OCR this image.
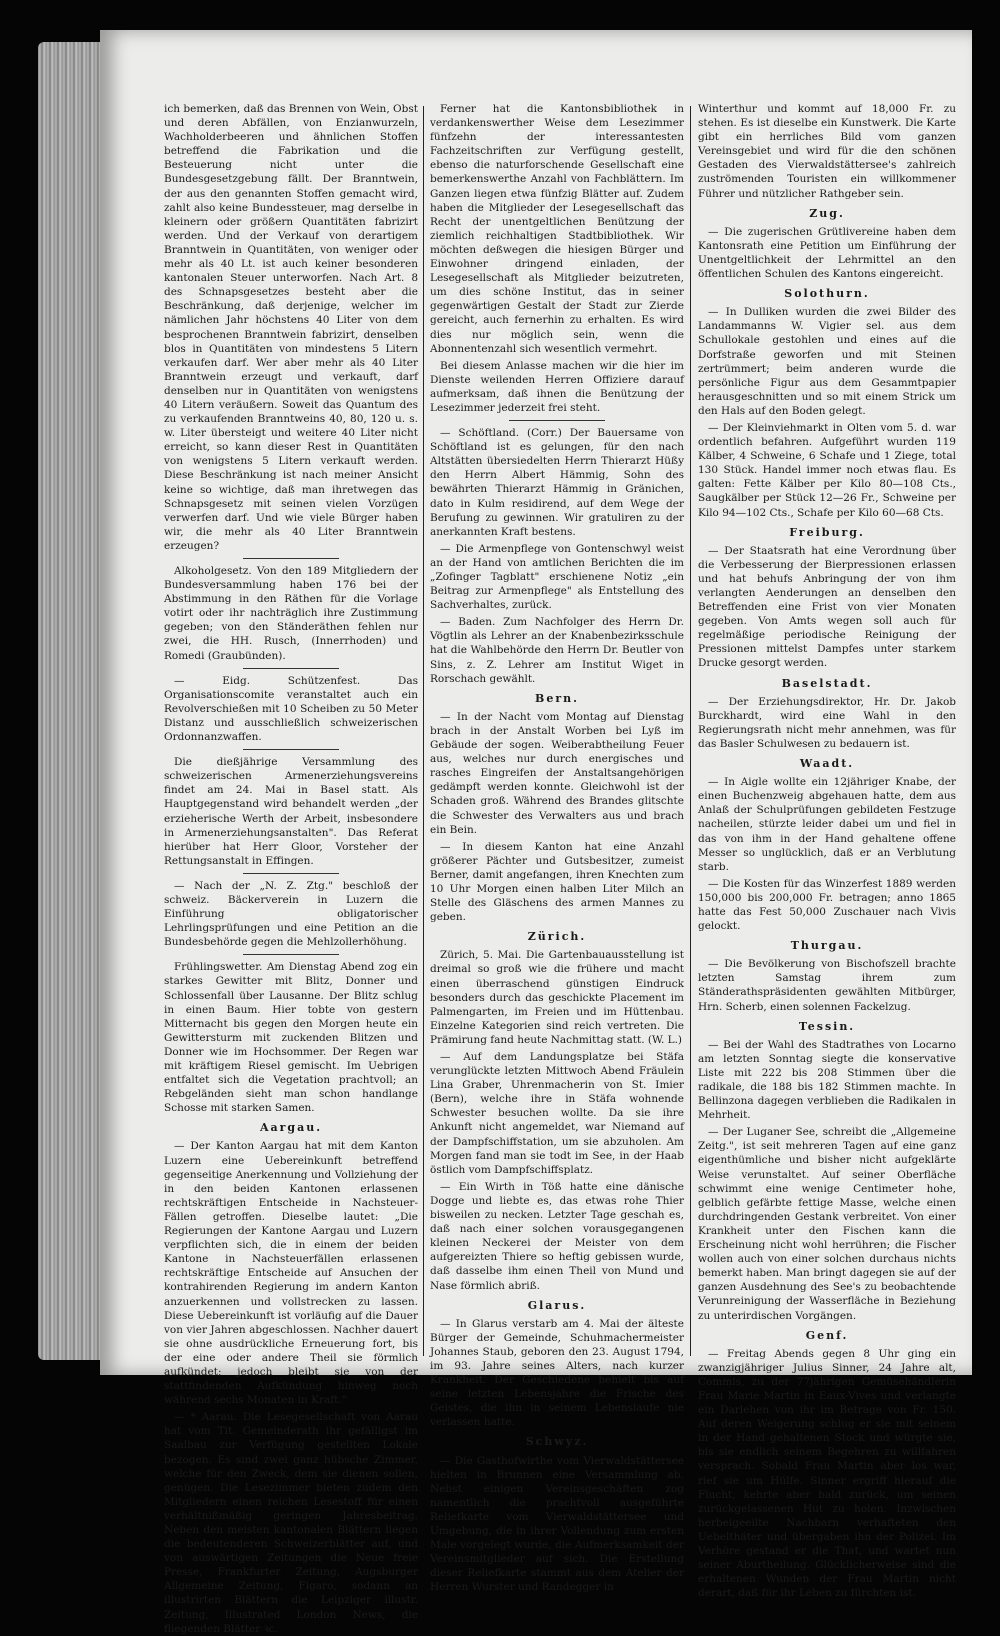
ich bemerken, daß das Brennen von Wein, Obst und deren Abfällen, von Enzianwurzeln, Wachholderbeeren und ähnlichen Stoffen betreffend die Fabrikation und die Besteuerung nicht unter die Bundesgesetzgebung fällt. Der Branntwein, der aus den genannten Stoffen gemacht wird, zahlt also keine Bundessteuer, mag derselbe in kleinern oder größern Quantitäten fabrizirt werden. Und der Verkauf von derartigem Branntwein in Quantitäten, von weniger oder mehr als 40 Lt. ist auch keiner besonderen kantonalen Steuer unterworfen. Nach Art. 8 des Schnapsgesetzes besteht aber die Beschränkung, daß derjenige, welcher im nämlichen Jahr höchstens 40 Liter von dem besprochenen Branntwein fabrizirt, denselben blos in Quantitäten von mindestens 5 Litern verkaufen darf. Wer aber mehr als 40 Liter Branntwein erzeugt und verkauft, darf denselben nur in Quantitäten von wenigstens 40 Litern veräußern. Soweit das Quantum des zu verkaufenden Branntweins 40, 80, 120 u. s. w. Liter übersteigt und weitere 40 Liter nicht erreicht, so kann dieser Rest in Quantitäten von wenigstens 5 Litern verkauft werden. Diese Beschränkung ist nach meiner Ansicht keine so wichtige, daß man ihretwegen das Schnapsgesetz mit seinen vielen Vorzügen verwerfen darf. Und wie viele Bürger haben wir, die mehr als 40 Liter Branntwein erzeugen?

Alkoholgesetz. Von den 189 Mitgliedern der Bundesversammlung haben 176 bei der Abstimmung in den Räthen für die Vorlage votirt oder ihr nachträglich ihre Zustimmung gegeben; von den Ständeräthen fehlen nur zwei, die HH. Rusch, (Innerrhoden) und Romedi (Graubünden).

— Eidg. Schützenfest. Das Organisationscomite veranstaltet auch ein Revolverschießen mit 10 Scheiben zu 50 Meter Distanz und ausschließlich schweizerischen Ordonnanzwaffen.

Die dießjährige Versammlung des schweizerischen Armenerziehungsvereins findet am 24. Mai in Basel statt. Als Hauptgegenstand wird behandelt werden „der erzieherische Werth der Arbeit, insbesondere in Armenerziehungsanstalten". Das Referat hierüber hat Herr Gloor, Vorsteher der Rettungsanstalt in Effingen.

— Nach der „N. Z. Ztg." beschloß der schweiz. Bäckerverein in Luzern die Einführung obligatorischer Lehrlingsprüfungen und eine Petition an die Bundesbehörde gegen die Mehlzollerhöhung.

Frühlingswetter. Am Dienstag Abend zog ein starkes Gewitter mit Blitz, Donner und Schlossenfall über Lausanne. Der Blitz schlug in einen Baum. Hier tobte von gestern Mitternacht bis gegen den Morgen heute ein Gewittersturm mit zuckenden Blitzen und Donner wie im Hochsommer. Der Regen war mit kräftigem Riesel gemischt. Im Uebrigen entfaltet sich die Vegetation prachtvoll; an Rebgeländen sieht man schon handlange Schosse mit starken Samen.

Aargau.

— Der Kanton Aargau hat mit dem Kanton Luzern eine Uebereinkunft betreffend gegenseitige Anerkennung und Vollziehung der in den beiden Kantonen erlassenen rechtskräftigen Entscheide in Nachsteuer-Fällen getroffen. Dieselbe lautet: „Die Regierungen der Kantone Aargau und Luzern verpflichten sich, die in einem der beiden Kantone in Nachsteuerfällen erlassenen rechtskräftige Entscheide auf Ansuchen der kontrahirenden Regierung im andern Kanton anzuerkennen und vollstrecken zu lassen. Diese Uebereinkunft ist vorläufig auf die Dauer von vier Jahren abgeschlossen. Nachher dauert sie ohne ausdrückliche Erneuerung fort, bis der eine oder andere Theil sie förmlich aufkündet; jedoch bleibt sie von der stattfindenden Aufkündung hinweg noch während sechs Monaten in Kraft."

— * Aarau. Die Lesegesellschaft von Aarau hat vom Tit. Gemeinderath ihr gefälligst im Saalbau zur Verfügung gestellten Lokale bezogen. Es sind zwei ganz hübsche Zimmer, welche für den Zweck, dem sie dienen sollen, genügen. Die Lesezimmer bieten zudem den Mitgliedern einen reichen Lesestoff für einen verhältnißmäßig geringen Jahresbeitrag. Neben den meisten kantonalen Blättern liegen die bedeutenderen Schweizerblätter auf, und von auswärtigen Zeitungen die Neue freie Presse, Frankfurter Zeitung, Augsburger Allgemeine Zeitung, Figaro, sodann an illustrirten Blättern die Leipziger illustr. Zeitung, Illustrated London News, die fliegenden Blätter ꝛc.

Ferner hat die Kantonsbibliothek in verdankenswerther Weise dem Lesezimmer fünfzehn der interessantesten Fachzeitschriften zur Verfügung gestellt, ebenso die naturforschende Gesellschaft eine bemerkenswerthe Anzahl von Fachblättern. Im Ganzen liegen etwa fünfzig Blätter auf. Zudem haben die Mitglieder der Lesegesellschaft das Recht der unentgeltlichen Benützung der ziemlich reichhaltigen Stadtbibliothek. Wir möchten deßwegen die hiesigen Bürger und Einwohner dringend einladen, der Lesegesellschaft als Mitglieder beizutreten, um dies schöne Institut, das in seiner gegenwärtigen Gestalt der Stadt zur Zierde gereicht, auch fernerhin zu erhalten. Es wird dies nur möglich sein, wenn die Abonnentenzahl sich wesentlich vermehrt.

Bei diesem Anlasse machen wir die hier im Dienste weilenden Herren Offiziere darauf aufmerksam, daß ihnen die Benützung der Lesezimmer jederzeit frei steht.

— Schöftland. (Corr.) Der Bauersame von Schöftland ist es gelungen, für den nach Altstätten übersiedelten Herrn Thierarzt Hüßy den Herrn Albert Hämmig, Sohn des bewährten Thierarzt Hämmig in Gränichen, dato in Kulm residirend, auf dem Wege der Berufung zu gewinnen. Wir gratuliren zu der anerkannten Kraft bestens.

— Die Armenpflege von Gontenschwyl weist an der Hand von amtlichen Berichten die im „Zofinger Tagblatt" erschienene Notiz „ein Beitrag zur Armenpflege" als Entstellung des Sachverhaltes, zurück.

— Baden. Zum Nachfolger des Herrn Dr. Vögtlin als Lehrer an der Knabenbezirksschule hat die Wahlbehörde den Herrn Dr. Beutler von Sins, z. Z. Lehrer am Institut Wiget in Rorschach gewählt.

Bern.

— In der Nacht vom Montag auf Dienstag brach in der Anstalt Worben bei Lyß im Gebäude der sogen. Weiberabtheilung Feuer aus, welches nur durch energisches und rasches Eingreifen der Anstaltsangehörigen gedämpft werden konnte. Gleichwohl ist der Schaden groß. Während des Brandes glitschte die Schwester des Verwalters aus und brach ein Bein.

— In diesem Kanton hat eine Anzahl größerer Pächter und Gutsbesitzer, zumeist Berner, damit angefangen, ihren Knechten zum 10 Uhr Morgen einen halben Liter Milch an Stelle des Gläschens des armen Mannes zu geben.

Zürich.

Zürich, 5. Mai. Die Gartenbauausstellung ist dreimal so groß wie die frühere und macht einen überraschend günstigen Eindruck besonders durch das geschickte Placement im Palmengarten, im Freien und im Hüttenbau. Einzelne Kategorien sind reich vertreten. Die Prämirung fand heute Nachmittag statt. (W. L.)

— Auf dem Landungsplatze bei Stäfa verunglückte letzten Mittwoch Abend Fräulein Lina Graber, Uhrenmacherin von St. Imier (Bern), welche ihre in Stäfa wohnende Schwester besuchen wollte. Da sie ihre Ankunft nicht angemeldet, war Niemand auf der Dampfschiffstation, um sie abzuholen. Am Morgen fand man sie todt im See, in der Haab östlich vom Dampfschiffsplatz.

— Ein Wirth in Töß hatte eine dänische Dogge und liebte es, das etwas rohe Thier bisweilen zu necken. Letzter Tage geschah es, daß nach einer solchen vorausgegangenen kleinen Neckerei der Meister von dem aufgereizten Thiere so heftig gebissen wurde, daß dasselbe ihm einen Theil von Mund und Nase förmlich abriß.

Glarus.

— In Glarus verstarb am 4. Mai der älteste Bürger der Gemeinde, Schuhmachermeister Johannes Staub, geboren den 23. August 1794, im 93. Jahre seines Alters, nach kurzer Krankheit. Der Geschiedene behielt bis auf seine letzten Lebensjahre die Frische des Geistes, die ihn in seinem Lebenslaufe nie verlassen hatte.

Schwyz.

— Die Gasthofwirthe vom Vierwaldstättersee hielten in Brunnen eine Versammlung ab. Nebst einigen Vereinsgeschäften zog namentlich die prachtvoll ausgeführte Reliefkarte vom Vierwaldstättersee und Umgebung, die in ihrer Vollendung zum ersten Male vorgelegt wurde, die Aufmerksamkeit der Vereinsmitglieder auf sich. Die Erstellung dieser Reliefkarte stammt aus dem Atelier der Herren Wurster und Randegger in

Winterthur und kommt auf 18,000 Fr. zu stehen. Es ist dieselbe ein Kunstwerk. Die Karte gibt ein herrliches Bild vom ganzen Vereinsgebiet und wird für die den schönen Gestaden des Vierwaldstättersee's zahlreich zuströmenden Touristen ein willkommener Führer und nützlicher Rathgeber sein.

Zug.

— Die zugerischen Grütlivereine haben dem Kantonsrath eine Petition um Einführung der Unentgeltlichkeit der Lehrmittel an den öffentlichen Schulen des Kantons eingereicht.

Solothurn.

— In Dulliken wurden die zwei Bilder des Landammanns W. Vigier sel. aus dem Schullokale gestohlen und eines auf die Dorfstraße geworfen und mit Steinen zertrümmert; beim anderen wurde die persönliche Figur aus dem Gesammtpapier herausgeschnitten und so mit einem Strick um den Hals auf den Boden gelegt.

— Der Kleinviehmarkt in Olten vom 5. d. war ordentlich befahren. Aufgeführt wurden 119 Kälber, 4 Schweine, 6 Schafe und 1 Ziege, total 130 Stück. Handel immer noch etwas flau. Es galten: Fette Kälber per Kilo 80—108 Cts., Saugkälber per Stück 12—26 Fr., Schweine per Kilo 94—102 Cts., Schafe per Kilo 60—68 Cts.

Freiburg.

— Der Staatsrath hat eine Verordnung über die Verbesserung der Bierpressionen erlassen und hat behufs Anbringung der von ihm verlangten Aenderungen an denselben den Betreffenden eine Frist von vier Monaten gegeben. Von Amts wegen soll auch für regelmäßige periodische Reinigung der Pressionen mittelst Dampfes unter starkem Drucke gesorgt werden.

Baselstadt.

— Der Erziehungsdirektor, Hr. Dr. Jakob Burckhardt, wird eine Wahl in den Regierungsrath nicht mehr annehmen, was für das Basler Schulwesen zu bedauern ist.

Waadt.

— In Aigle wollte ein 12jähriger Knabe, der einen Buchenzweig abgehauen hatte, dem aus Anlaß der Schulprüfungen gebildeten Festzuge nacheilen, stürzte leider dabei um und fiel in das von ihm in der Hand gehaltene offene Messer so unglücklich, daß er an Verblutung starb.

— Die Kosten für das Winzerfest 1889 werden 150,000 bis 200,000 Fr. betragen; anno 1865 hatte das Fest 50,000 Zuschauer nach Vivis gelockt.

Thurgau.

— Die Bevölkerung von Bischofszell brachte letzten Samstag ihrem zum Ständerathspräsidenten gewählten Mitbürger, Hrn. Scherb, einen solennen Fackelzug.

Tessin.

— Bei der Wahl des Stadtrathes von Locarno am letzten Sonntag siegte die konservative Liste mit 222 bis 208 Stimmen über die radikale, die 188 bis 182 Stimmen machte. In Bellinzona dagegen verblieben die Radikalen in Mehrheit.

— Der Luganer See, schreibt die „Allgemeine Zeitg.", ist seit mehreren Tagen auf eine ganz eigenthümliche und bisher nicht aufgeklärte Weise verunstaltet. Auf seiner Oberfläche schwimmt eine wenige Centimeter hohe, gelblich gefärbte fettige Masse, welche einen durchdringenden Gestank verbreitet. Von einer Krankheit unter den Fischen kann die Erscheinung nicht wohl herrühren; die Fischer wollen auch von einer solchen durchaus nichts bemerkt haben. Man bringt dagegen sie auf der ganzen Ausdehnung des See's zu beobachtende Verunreinigung der Wasserfläche in Beziehung zu unterirdischen Vorgängen.

Genf.

— Freitag Abends gegen 8 Uhr ging ein zwanzigjähriger Julius Sinner, 24 Jahre alt, Commis, zu der 77jährigen Gemüsehändlerin Frau Marie Martin in Eaux-Vives und verlangte ein Darlehen von ihr im Betrage von Fr. 150. Auf deren Weigerung schlug er sie mit seinem in der Hand gehaltenen Stock und würgte sie, bis sie endlich seinem Begehren zu willfahren versprach. Sobald Frau Martin aber los war, rief sie um Hülfe. Sinner ergriff hierauf die Flucht, kehrte aber bald zurück, um seinen zurückgelassenen Hut zu holen. Inzwischen herbeigeeilte Nachbarn verhafteten den Uebelthäter und übergaben ihn der Polizei. Im Verhöre gestand er die That, und wartet nun seiner Aburtheilung. Glücklicherweise sind die erhaltenen Wunden der Frau Martin nicht derart, daß für ihr Leben zu fürchten ist.
